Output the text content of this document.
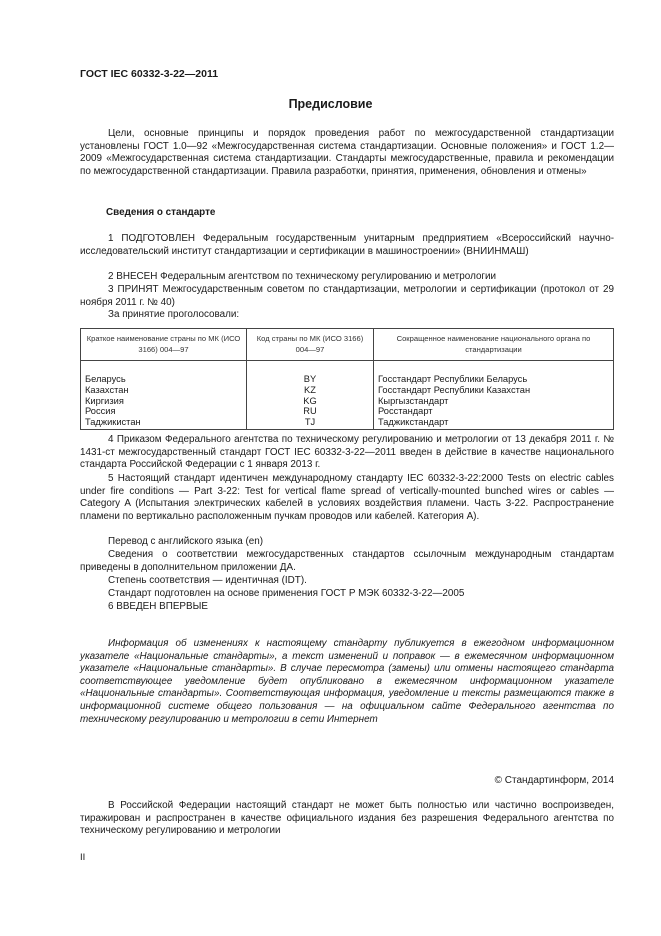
ГОСТ IEC 60332-3-22—2011
Предисловие
Цели, основные принципы и порядок проведения работ по межгосударственной стандартизации установлены ГОСТ 1.0—92 «Межгосударственная система стандартизации. Основные положения» и ГОСТ 1.2—2009 «Межгосударственная система стандартизации. Стандарты межгосударственные, правила и рекомендации по межгосударственной стандартизации. Правила разработки, принятия, применения, обновления и отмены»
Сведения о стандарте
1 ПОДГОТОВЛЕН Федеральным государственным унитарным предприятием «Всероссийский научно-исследовательский институт стандартизации и сертификации в машиностроении» (ВНИИНМАШ)
2 ВНЕСЕН Федеральным агентством по техническому регулированию и метрологии
3 ПРИНЯТ Межгосударственным советом по стандартизации, метрологии и сертификации (протокол от 29 ноября 2011 г. № 40)
За принятие проголосовали:
Краткое наименование страны по МК (ИСО 3166) 004—97	Код страны по МК (ИСО 3166) 004—97	Сокращенное наименование национального органа по стандартизации
Беларусь	BY	Госстандарт Республики Беларусь
Казахстан	KZ	Госстандарт Республики Казахстан
Киргизия	KG	Кыргызстандарт
Россия	RU	Росстандарт
Таджикистан	TJ	Таджикстандарт
4 Приказом Федерального агентства по техническому регулированию и метрологии от 13 декабря 2011 г. № 1431-ст межгосударственный стандарт ГОСТ IEC 60332-3-22—2011 введен в действие в качестве национального стандарта Российской Федерации с 1 января 2013 г.
5 Настоящий стандарт идентичен международному стандарту IEC 60332-3-22:2000 Tests on electric cables under fire conditions — Part 3-22: Test for vertical flame spread of vertically-mounted bunched wires or cables — Category A (Испытания электрических кабелей в условиях воздействия пламени. Часть 3-22. Распространение пламени по вертикально расположенным пучкам проводов или кабелей. Категория А).
Перевод с английского языка (en)
Сведения о соответствии межгосударственных стандартов ссылочным международным стандартам приведены в дополнительном приложении ДА.
Степень соответствия — идентичная (IDT).
Стандарт подготовлен на основе применения ГОСТ Р МЭК 60332-3-22—2005
6 ВВЕДЕН ВПЕРВЫЕ
Информация об изменениях к настоящему стандарту публикуется в ежегодном информационном указателе «Национальные стандарты», а текст изменений и поправок — в ежемесячном информационном указателе «Национальные стандарты». В случае пересмотра (замены) или отмены настоящего стандарта соответствующее уведомление будет опубликовано в ежемесячном информационном указателе «Национальные стандарты». Соответствующая информация, уведомление и тексты размещаются также в информационной системе общего пользования — на официальном сайте Федерального агентства по техническому регулированию и метрологии в сети Интернет
© Стандартинформ, 2014
В Российской Федерации настоящий стандарт не может быть полностью или частично воспроизведен, тиражирован и распространен в качестве официального издания без разрешения Федерального агентства по техническому регулированию и метрологии
II
